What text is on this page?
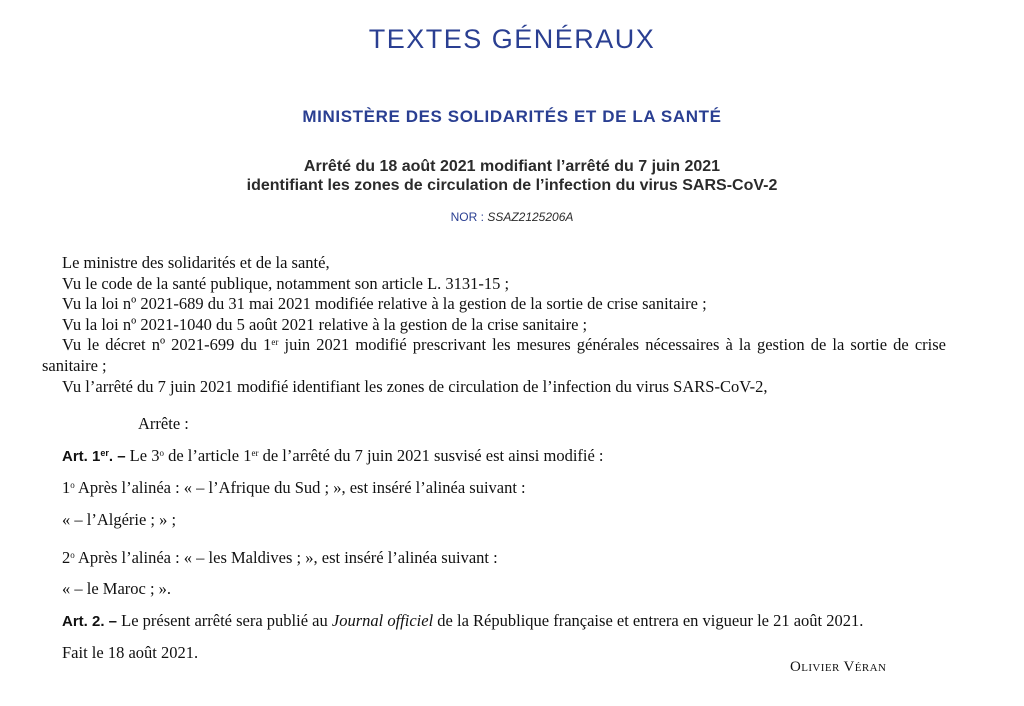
TEXTES GÉNÉRAUX
MINISTÈRE DES SOLIDARITÉS ET DE LA SANTÉ
Arrêté du 18 août 2021 modifiant l’arrêté du 7 juin 2021
identifiant les zones de circulation de l’infection du virus SARS-CoV-2
NOR : SSAZ2125206A

Le ministre des solidarités et de la santé,

Vu le code de la santé publique, notamment son article L. 3131-15 ;

Vu la loi nº 2021-689 du 31 mai 2021 modifiée relative à la gestion de la sortie de crise sanitaire ;

Vu la loi nº 2021-1040 du 5 août 2021 relative à la gestion de la crise sanitaire ;

Vu le décret nº 2021-699 du 1er juin 2021 modifié prescrivant les mesures générales nécessaires à la gestion de la sortie de crise sanitaire ;

Vu l’arrêté du 7 juin 2021 modifié identifiant les zones de circulation de l’infection du virus SARS-CoV-2,

Arrête :

Art. 1er. – Le 3$^o$ de l’article 1er de l’arrêté du 7 juin 2021 susvisé est ainsi modifié :

1$^o$ Après l’alinéa : « – l’Afrique du Sud ; », est inséré l’alinéa suivant :

« – l’Algérie ; » ;

2$^o$ Après l’alinéa : « – les Maldives ; », est inséré l’alinéa suivant :

« – le Maroc ; ».

Art. 2. – Le présent arrêté sera publié au Journal officiel de la République française et entrera en vigueur le 21 août 2021.

Fait le 18 août 2021.

Olivier Véran
